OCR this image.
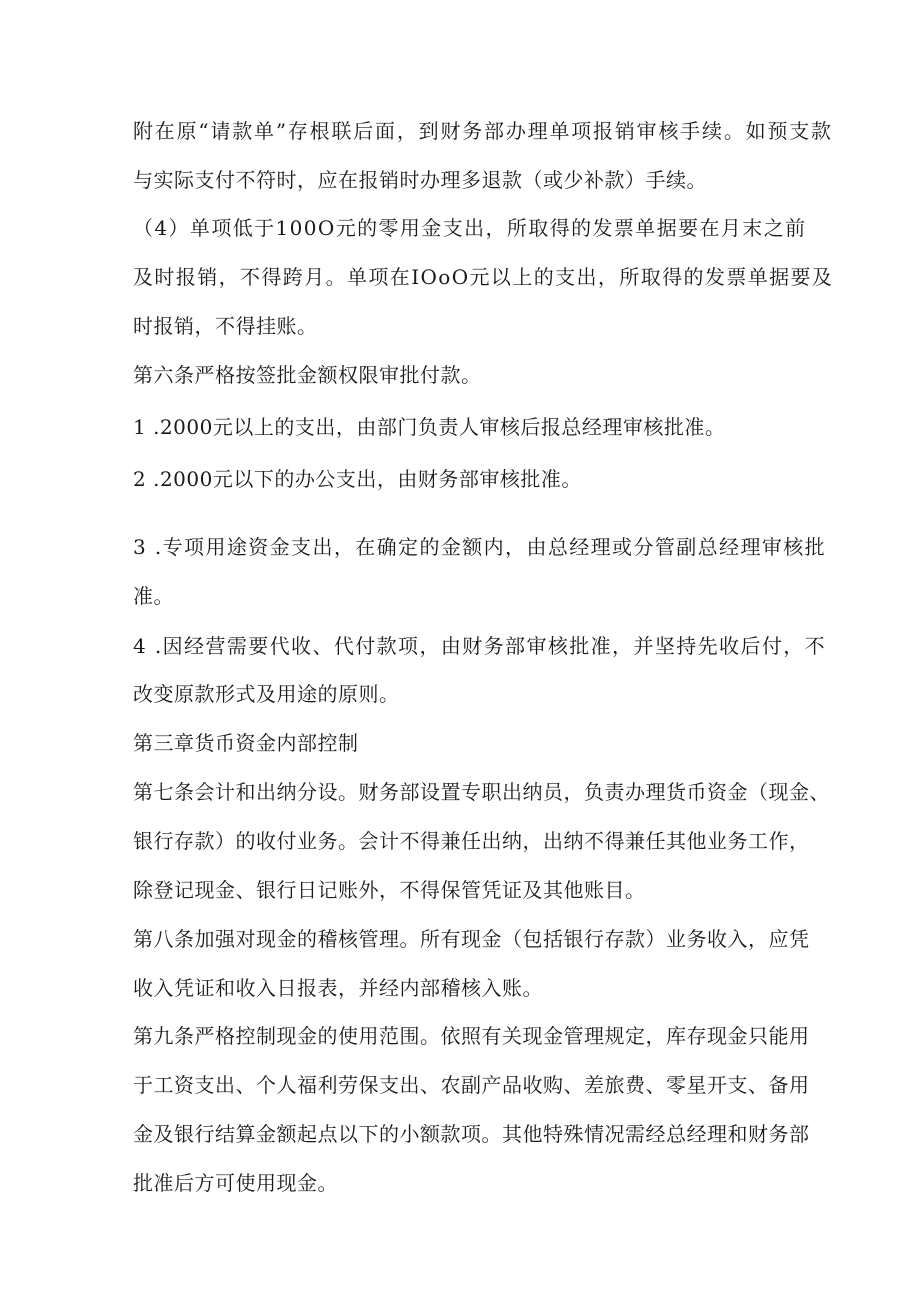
附在原“请款单”存根联后面，到财务部办理单项报销审核手续。如预支款
与实际支付不符时，应在报销时办理多退款（或少补款）手续。
（4）单项低于100O元的零用金支出，所取得的发票单据要在月末之前
及时报销，不得跨月。单项在IOoO元以上的支出，所取得的发票单据要及
时报销，不得挂账。
第六条严格按签批金额权限审批付款。
1 .2000元以上的支出，由部门负责人审核后报总经理审核批准。
2 .2000元以下的办公支出，由财务部审核批准。
3 .专项用途资金支出，在确定的金额内，由总经理或分管副总经理审核批
准。
4 .因经营需要代收、代付款项，由财务部审核批准，并坚持先收后付，不
改变原款形式及用途的原则。
第三章货币资金内部控制
第七条会计和出纳分设。财务部设置专职出纳员，负责办理货币资金（现金、
银行存款）的收付业务。会计不得兼任出纳，出纳不得兼任其他业务工作，
除登记现金、银行日记账外，不得保管凭证及其他账目。
第八条加强对现金的稽核管理。所有现金（包括银行存款）业务收入，应凭
收入凭证和收入日报表，并经内部稽核入账。
第九条严格控制现金的使用范围。依照有关现金管理规定，库存现金只能用
于工资支出、个人福利劳保支出、农副产品收购、差旅费、零星开支、备用
金及银行结算金额起点以下的小额款项。其他特殊情况需经总经理和财务部
批准后方可使用现金。
